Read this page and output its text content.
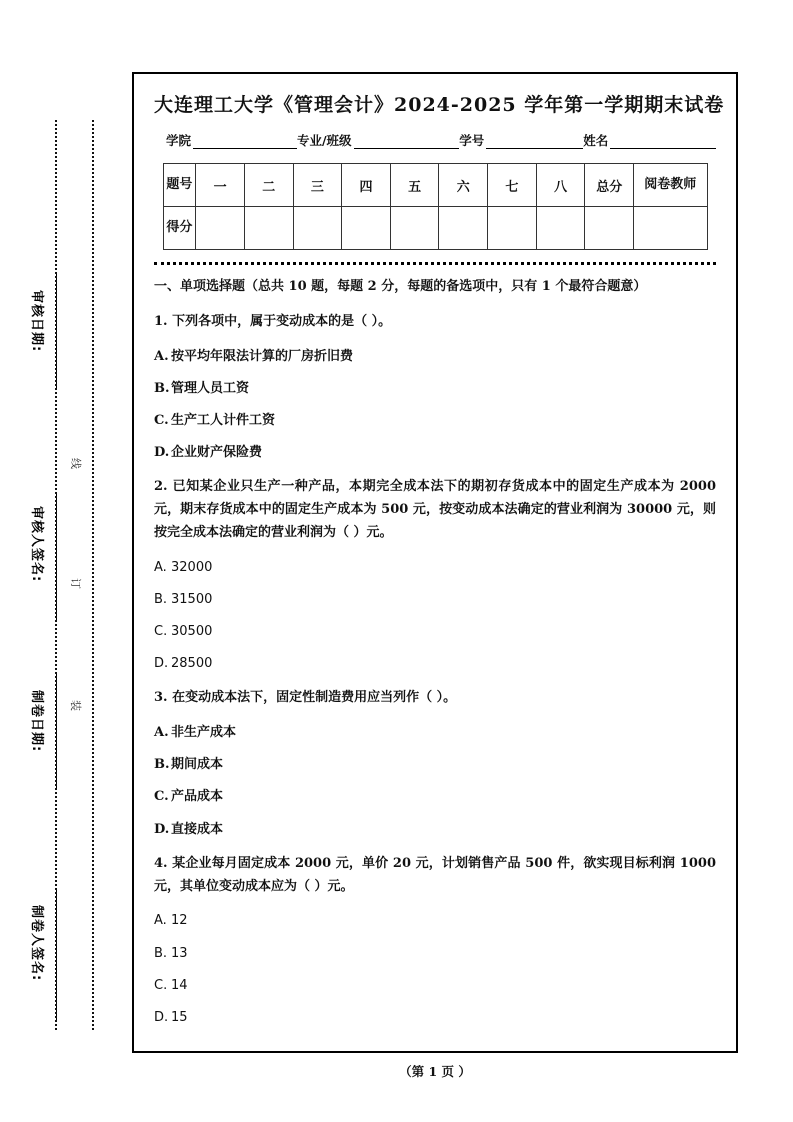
审核日期:
审核人签名:
制卷日期:
制卷人签名:
线
订
装
大连理工大学《管理会计》2024‑2025 学年第一学期期末试卷
学院	专业/班级	学号	姓名
题号	一	二	三	四	五	六	七	八	总分	阅卷教师
得分										
一、单项选择题（总共 10 题，每题 2 分，每题的备选项中，只有 1 个最符合题意）
1. 下列各项中，属于变动成本的是（ ）。
A. 按平均年限法计算的厂房折旧费
B.管理人员工资
C. 生产工人计件工资
D. 企业财产保险费
2. 已知某企业只生产一种产品，本期完全成本法下的期初存货成本中的固定生产成本为 2000 元，期末存货成本中的固定生产成本为 500 元，按变动成本法确定的营业利润为 30000 元，则按完全成本法确定的营业利润为（ ）元。
A. 32000
B. 31500
C. 30500
D. 28500
3. 在变动成本法下，固定性制造费用应当列作（ ）。
A. 非生产成本
B.期间成本
C. 产品成本
D. 直接成本
4. 某企业每月固定成本 2000 元，单价 20 元，计划销售产品 500 件，欲实现目标利润 1000 元，其单位变动成本应为（ ）元。
A. 12
B. 13
C. 14
D. 15
（第 1 页 ）
